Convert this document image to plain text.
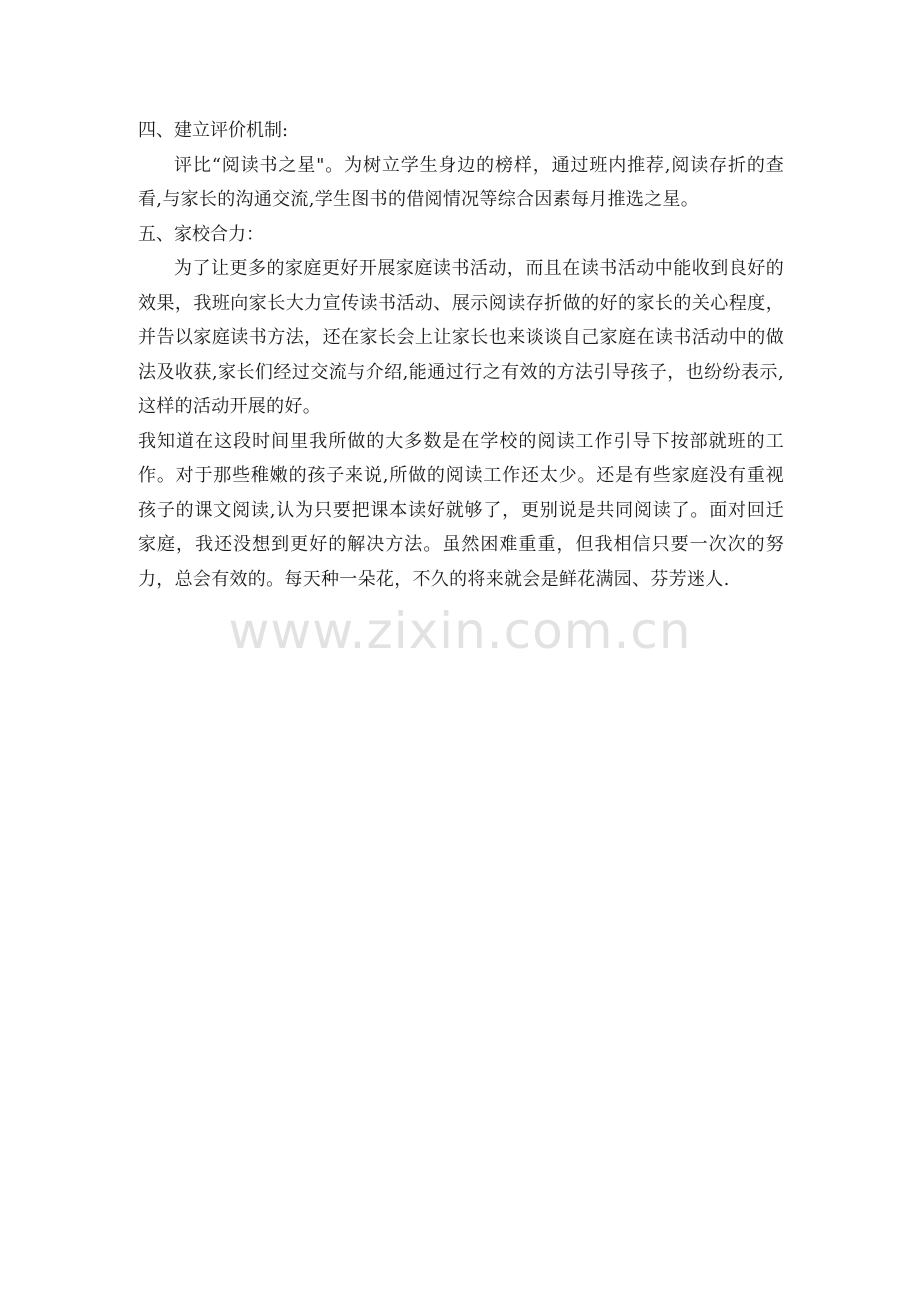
四、建立评价机制:

评比“阅读书之星"。为树立学生身边的榜样，通过班内推荐,阅读存折的查看,与家长的沟通交流,学生图书的借阅情况等综合因素每月推选之星。

五、家校合力：

为了让更多的家庭更好开展家庭读书活动，而且在读书活动中能收到良好的效果，我班向家长大力宣传读书活动、展示阅读存折做的好的家长的关心程度，并告以家庭读书方法，还在家长会上让家长也来谈谈自己家庭在读书活动中的做法及收获,家长们经过交流与介绍,能通过行之有效的方法引导孩子，也纷纷表示,这样的活动开展的好。

我知道在这段时间里我所做的大多数是在学校的阅读工作引导下按部就班的工作。对于那些稚嫩的孩子来说,所做的阅读工作还太少。还是有些家庭没有重视孩子的课文阅读,认为只要把课本读好就够了，更别说是共同阅读了。面对回迁家庭，我还没想到更好的解决方法。虽然困难重重，但我相信只要一次次的努力，总会有效的。每天种一朵花，不久的将来就会是鲜花满园、芬芳迷人.

www.zixin.com.cn
